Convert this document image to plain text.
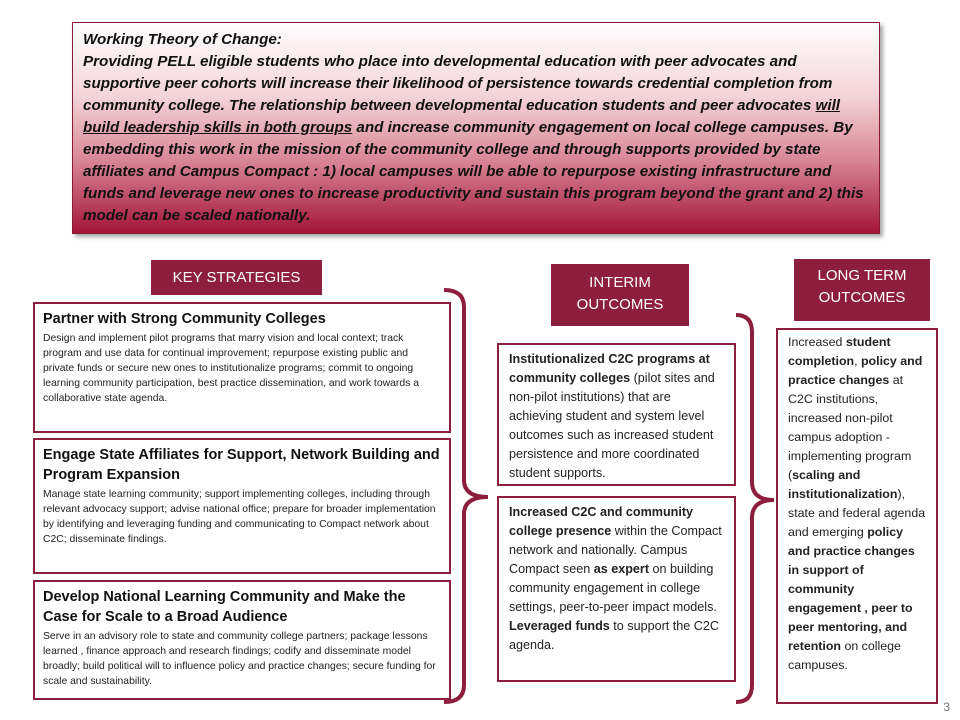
Working Theory of Change:
Providing PELL eligible students who place into developmental education with peer advocates and supportive peer cohorts will increase their likelihood of persistence towards credential completion from community college. The relationship between developmental education students and peer advocates will build leadership skills in both groups and increase community engagement on local college campuses. By embedding this work in the mission of the community college and through supports provided by state affiliates and Campus Compact : 1) local campuses will be able to repurpose existing infrastructure and funds and leverage new ones to increase productivity and sustain this program beyond the grant and 2) this model can be scaled nationally.

KEY STRATEGIES	INTERIM
OUTCOMES
LONG TERM
OUTCOMES
Partner with Strong Community Colleges
Design and implement pilot programs that marry vision and local context; track program and use data for continual improvement; repurpose existing public and private funds or secure new ones to institutionalize programs; commit to ongoing learning community participation, best practice dissemination, and work towards a collaborative state agenda.
Engage State Affiliates for Support, Network Building and Program Expansion
Manage state learning community; support implementing colleges, including through relevant advocacy support; advise national office; prepare for broader implementation by identifying and leveraging funding and communicating to Compact network about C2C; disseminate findings.
Develop National Learning Community and Make the Case for Scale to a Broad Audience
Serve in an advisory role to state and community college partners; package lessons learned , finance approach and research findings; codify and disseminate model broadly; build political will to influence policy and practice changes; secure funding for scale and sustainability.
Institutionalized C2C programs at community colleges (pilot sites and non-pilot institutions) that are achieving student and system level outcomes such as increased student persistence and more coordinated student supports.
Increased C2C and community college presence within the Compact network and nationally. Campus Compact seen as expert on building community engagement in college settings, peer-to-peer impact models. Leveraged funds to support the C2C agenda.
Increased student completion, policy and practice changes at C2C institutions, increased non-pilot campus adoption - implementing program (scaling and institutionalization), state and federal agenda and emerging policy and practice changes in support of community engagement , peer to peer mentoring, and retention on college campuses.
3
